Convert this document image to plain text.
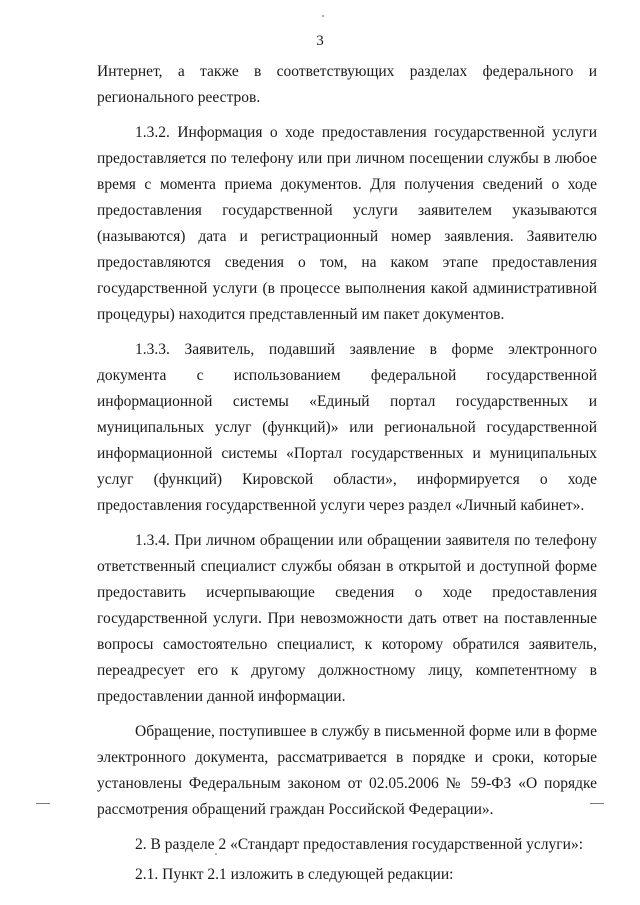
3

Интернет, а также в соответствующих разделах федерального и регионального реестров.

1.3.2. Информация о ходе предоставления государственной услуги предоставляется по телефону или при личном посещении службы в любое время с момента приема документов. Для получения сведений о ходе предоставления государственной услуги заявителем указываются (называются) дата и регистрационный номер заявления. Заявителю предоставляются сведения о том, на каком этапе предоставления государственной услуги (в процессе выполнения какой административной процедуры) находится представленный им пакет документов.

1.3.3. Заявитель, подавший заявление в форме электронного документа с использованием федеральной государственной информационной системы «Единый портал государственных и муниципальных услуг (функций)» или региональной государственной информационной системы «Портал государственных и муниципальных услуг (функций) Кировской области», информируется о ходе предоставления государственной услуги через раздел «Личный кабинет».

1.3.4. При личном обращении или обращении заявителя по телефону ответственный специалист службы обязан в открытой и доступной форме предоставить исчерпывающие сведения о ходе предоставления государственной услуги. При невозможности дать ответ на поставленные вопросы самостоятельно специалист, к которому обратился заявитель, переадресует его к другому должностному лицу, компетентному в предоставлении данной информации.

Обращение, поступившее в службу в письменной форме или в форме электронного документа, рассматривается в порядке и сроки, которые установлены Федеральным законом от 02.05.2006 № 59-ФЗ «О порядке рассмотрения обращений граждан Российской Федерации».

2. В разделе 2 «Стандарт предоставления государственной услуги»:

2.1. Пункт 2.1 изложить в следующей редакции:
